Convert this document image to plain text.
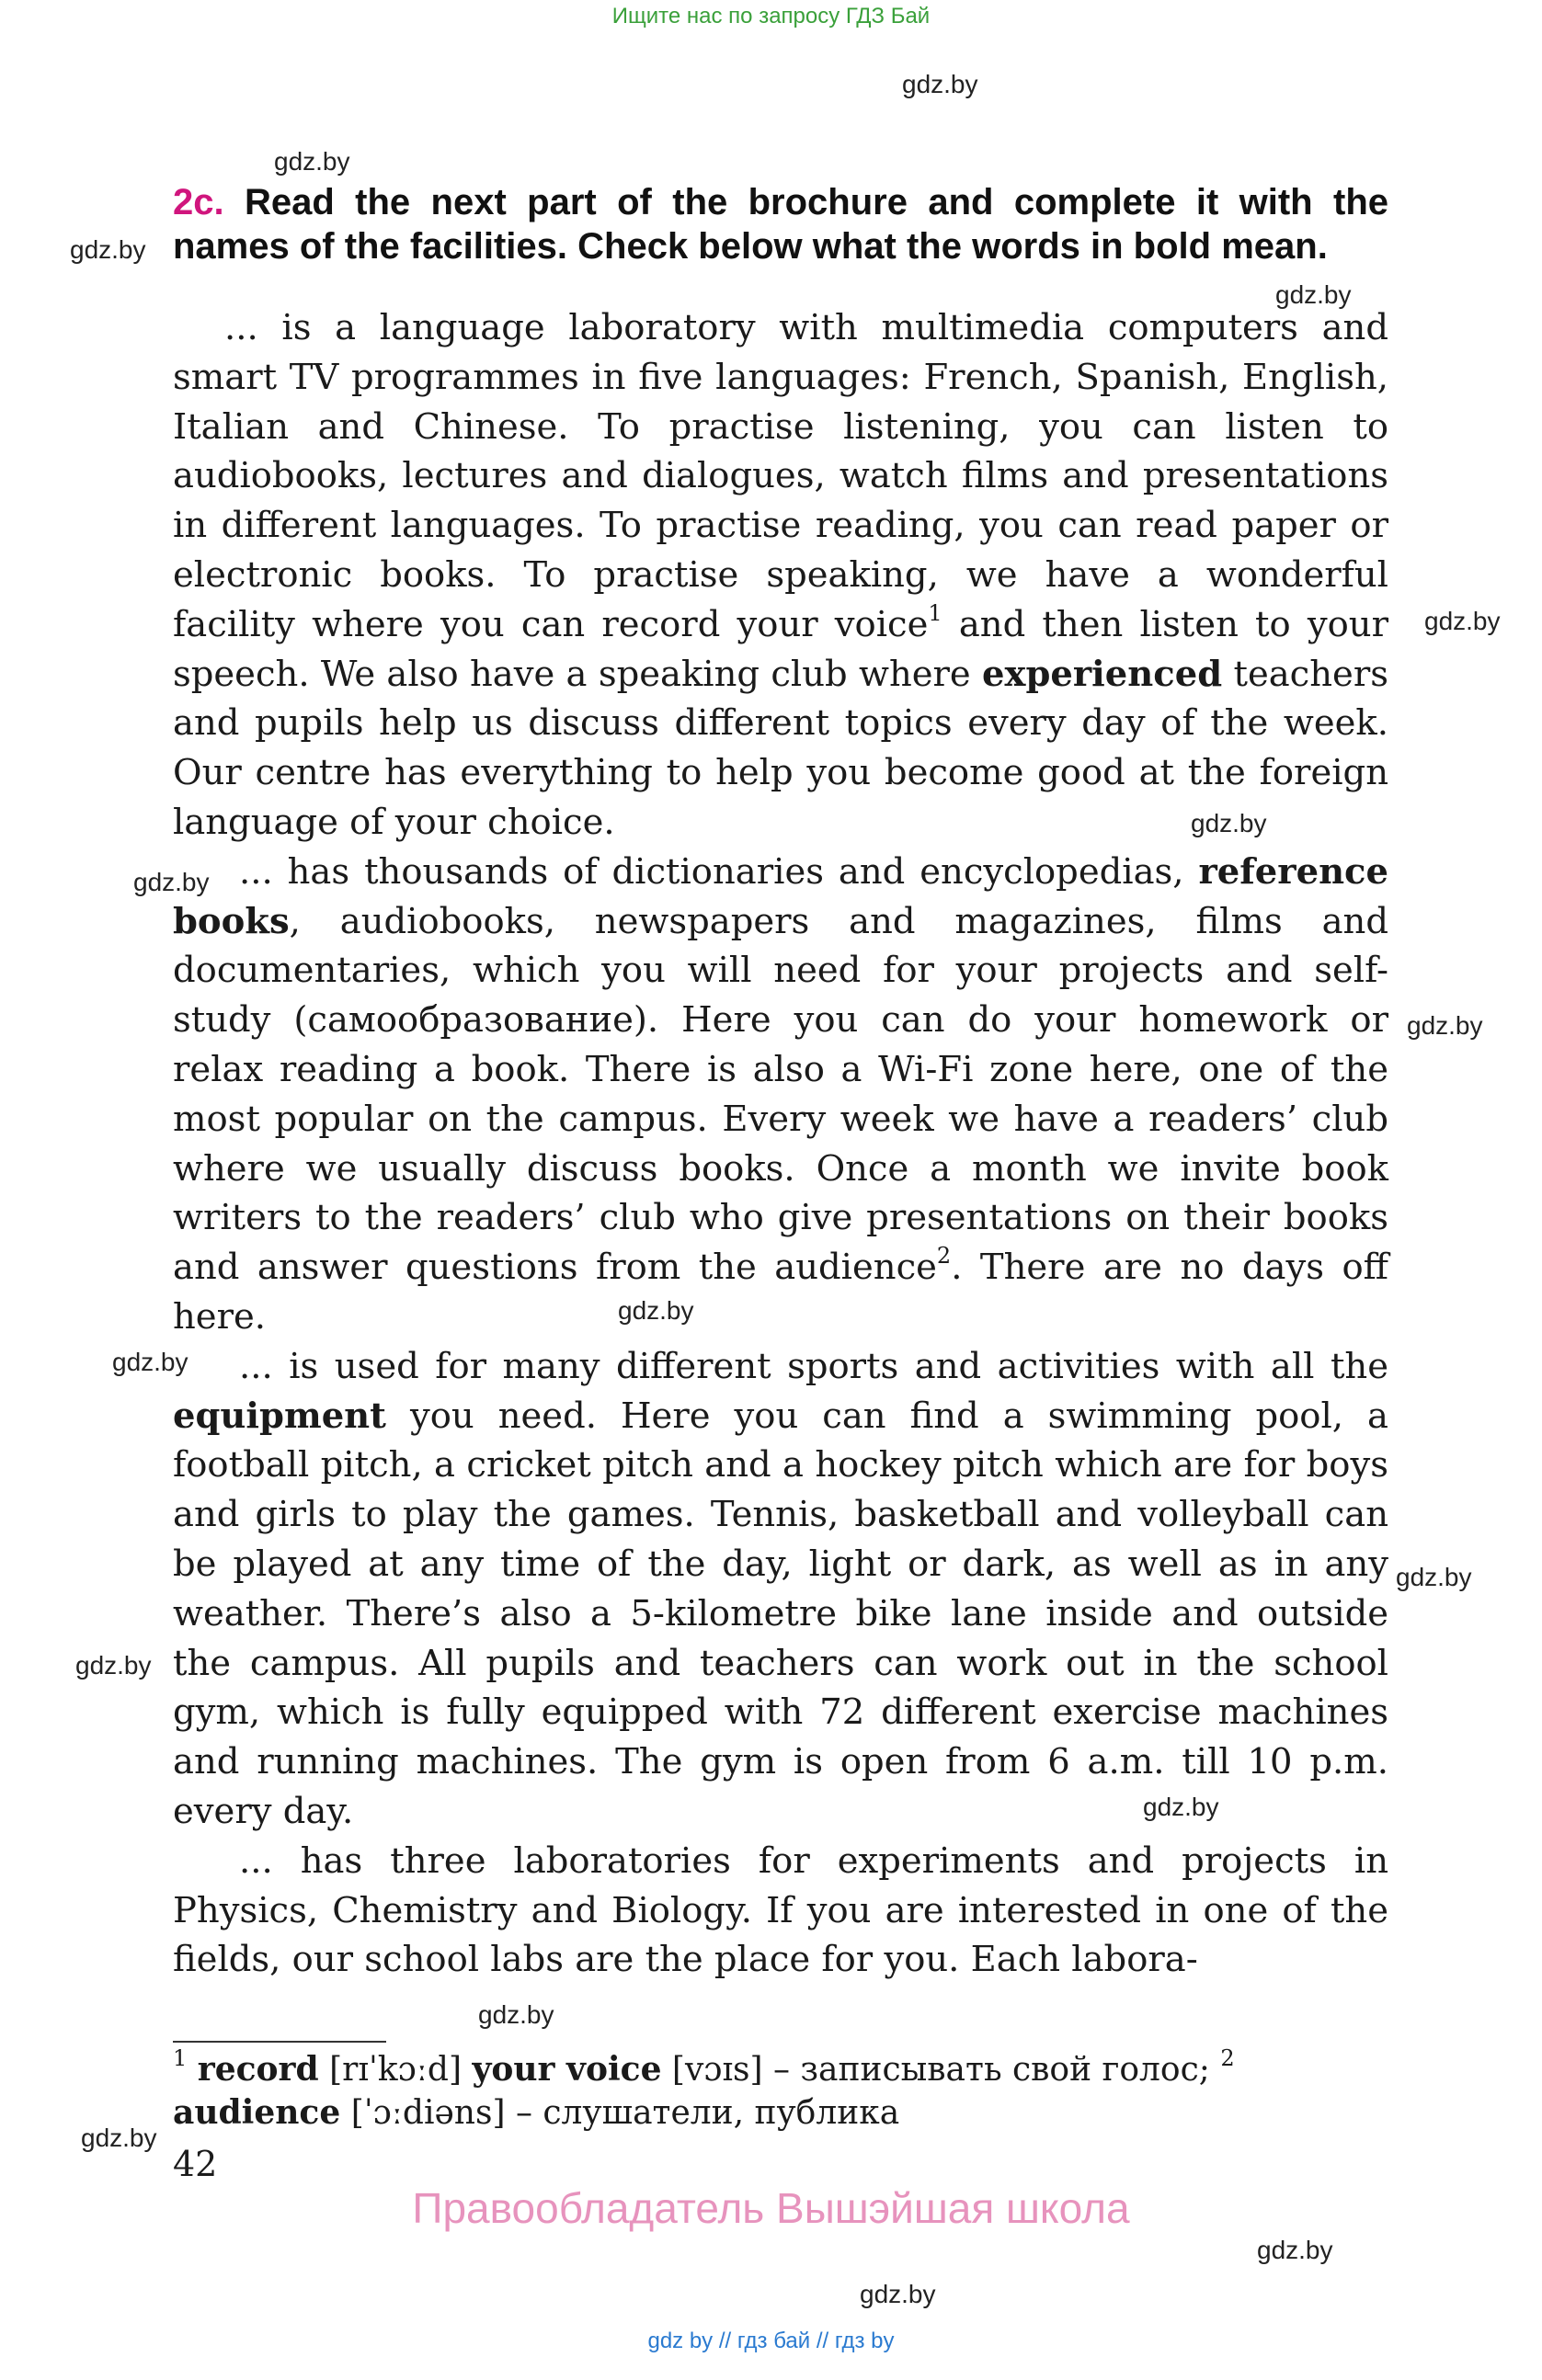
Ищите нас по запросу ГДЗ Бай
gdz.by
gdz.by
gdz.by
gdz.by
gdz.by
gdz.by
gdz.by
gdz.by
gdz.by
gdz.by
gdz.by
gdz.by
gdz.by
gdz.by
gdz.by
gdz.by
gdz.by
2c. Read the next part of the brochure and complete it with the names of the facilities. Check below what the words in bold mean.

... is a language laboratory with multimedia computers and smart TV programmes in five languages: French, Spanish, English, Italian and Chinese. To practise listening, you can listen to audiobooks, lectures and dialogues, watch films and presentations in different languages. To practise reading, you can read paper or electronic books. To practise speaking, we have a wonderful facility where you can record your voice$^1$ and then listen to your speech. We also have a speaking club where experienced teachers and pupils help us discuss different topics every day of the week. Our centre has everything to help you become good at the foreign language of your choice.

... has thousands of dictionaries and encyclopedias, reference books, audiobooks, newspapers and magazines, films and documentaries, which you will need for your projects and self-study (самообразование). Here you can do your homework or relax reading a book. There is also a Wi-Fi zone here, one of the most popular on the campus. Every week we have a readers’ club where we usually discuss books. Once a month we invite book writers to the readers’ club who give presentations on their books and answer questions from the audience$^2$. There are no days off here.

... is used for many different sports and activities with all the equipment you need. Here you can find a swimming pool, a football pitch, a cricket pitch and a hockey pitch which are for boys and girls to play the games. Tennis, basketball and volleyball can be played at any time of the day, light or dark, as well as in any weather. There’s also a 5-kilometre bike lane inside and outside the campus. All pupils and teachers can work out in the school gym, which is fully equipped with 72 different exercise machines and running machines. The gym is open from 6 a.m. till 10 p.m. every day.

... has three laboratories for experiments and projects in Physics, Chemistry and Biology. If you are interested in one of the fields, our school labs are the place for you. Each labora-

$^1$ record [rɪˈkɔːd] your voice [vɔɪs] – записывать свой голос; $^2$ audience [ˈɔːdiəns] – слушатели, публика
42
Правообладатель Вышэйшая школа
gdz by // гдз бай // гдз by
